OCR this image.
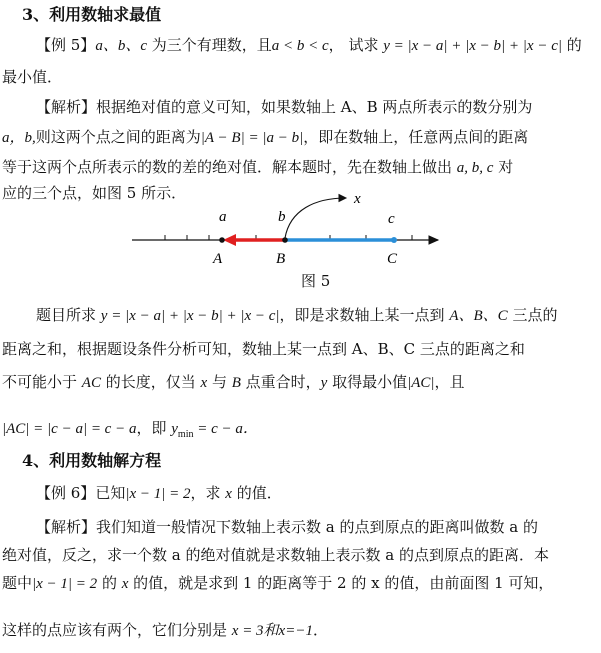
3、利用数轴求最值
【例 5】a、b、c 为三个有理数，且a < b < c， 试求 y = |x − a| + |x − b| + |x − c| 的
最小值．
【解析】根据绝对值的意义可知，如果数轴上 A、B 两点所表示的数分别为
a，b,则这两个点之间的距离为|A − B| = |a − b|，即在数轴上，任意两点间的距离
等于这两个点所表示的数的差的绝对值．解本题时，先在数轴上做出 a, b, c 对
应的三个点，如图 5 所示．
a	b	c
x
A	B	C
图 5
题目所求 y = |x − a| + |x − b| + |x − c|，即是求数轴上某一点到 A、B、C 三点的
距离之和，根据题设条件分析可知，数轴上某一点到 A、B、C 三点的距离之和
不可能小于 AC 的长度，仅当 x 与 B 点重合时，y 取得最小值|AC|，且
|AC| = |c − a| = c − a，即 $y_{min} = c - a$．
4、利用数轴解方程
【例 6】已知|x − 1| = 2，求 x 的值．
【解析】我们知道一般情况下数轴上表示数 a 的点到原点的距离叫做数 a 的
绝对值，反之，求一个数 a 的绝对值就是求数轴上表示数 a 的点到原点的距离．本
题中|x − 1| = 2 的 x 的值，就是求到 1 的距离等于 2 的 x 的值，由前面图 1 可知，
这样的点应该有两个，它们分别是 x = 3和x=−1．
